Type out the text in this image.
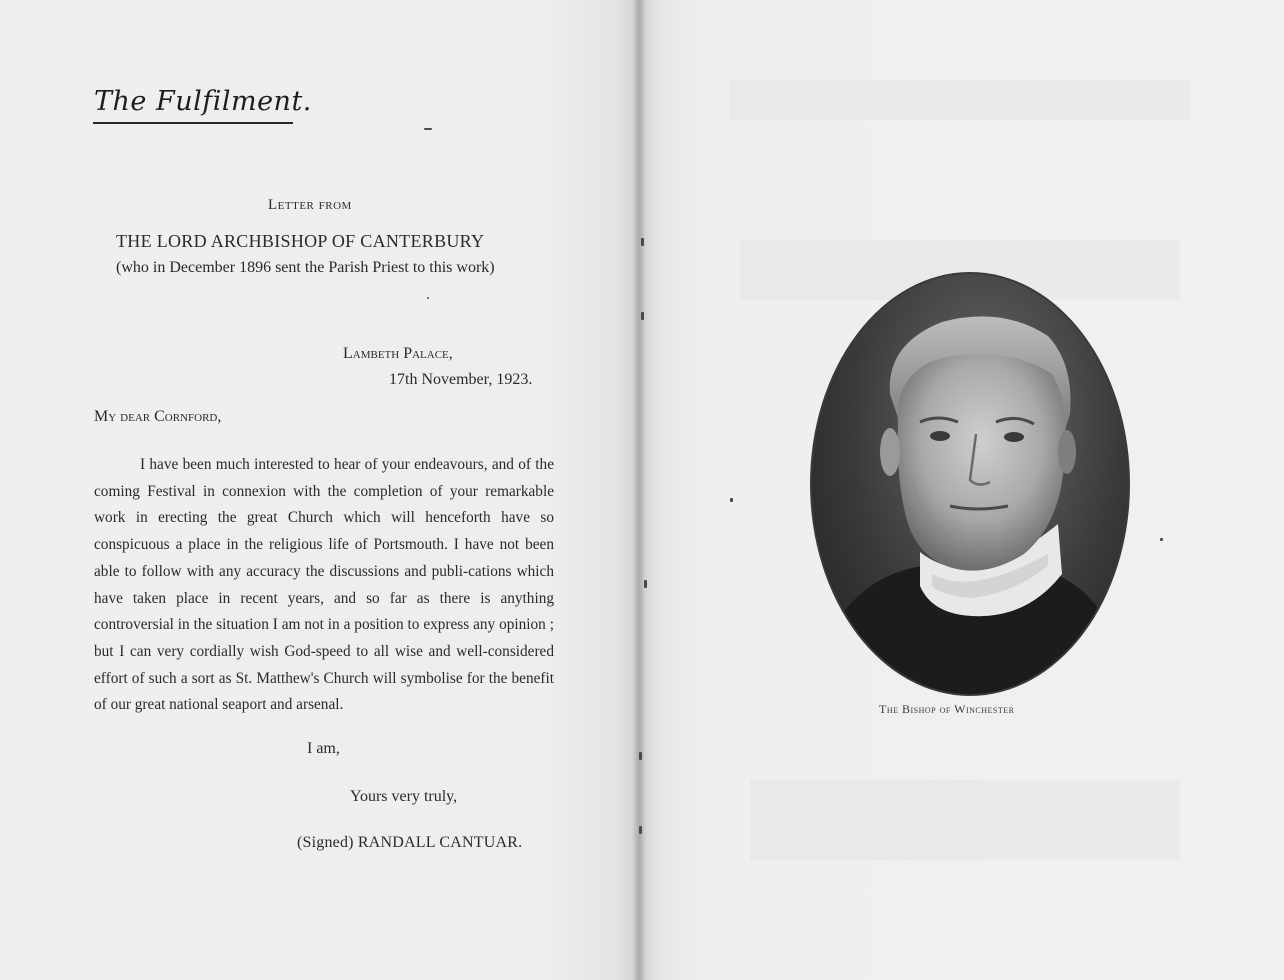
The Fulfilment.
Letter from
THE LORD ARCHBISHOP OF CANTERBURY
(who in December 1896 sent the Parish Priest to this work)
Lambeth Palace,
17th November, 1923.
My dear Cornford,
I have been much interested to hear of your endeavours, and of the coming Festival in connexion with the completion of your remarkable work in erecting the great Church which will henceforth have so conspicuous a place in the religious life of Portsmouth. I have not been able to follow with any accuracy the discussions and publi-cations which have taken place in recent years, and so far as there is anything controversial in the situation I am not in a position to express any opinion ; but I can very cordially wish God-speed to all wise and well-considered effort of such a sort as St. Matthew's Church will symbolise for the benefit of our great national seaport and arsenal.
I am,
Yours very truly,
(Signed) RANDALL CANTUAR.
The Bishop of Winchester
